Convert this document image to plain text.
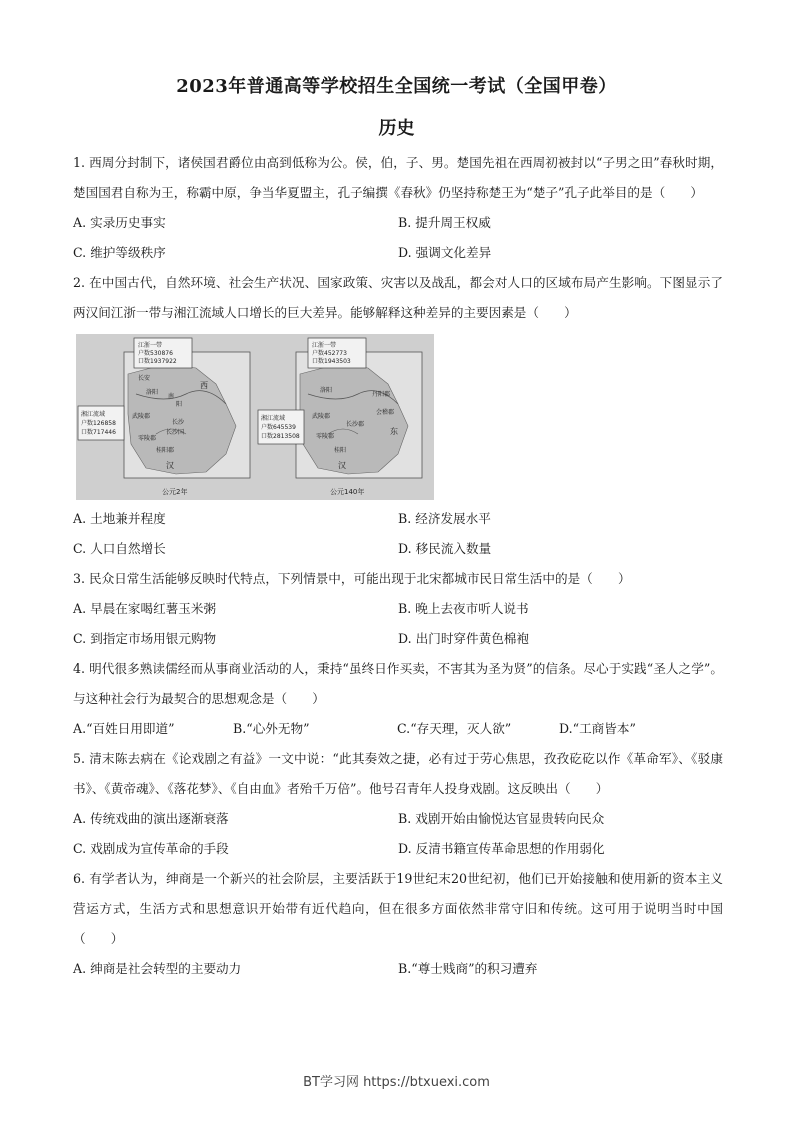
2023年普通高等学校招生全国统一考试（全国甲卷）
历史

1. 西周分封制下，诸侯国君爵位由高到低称为公。侯，伯，子、男。楚国先祖在西周初被封以“子男之田”春秋时期，楚国国君自称为王，称霸中原，争当华夏盟主，孔子编撰《春秋》仍坚持称楚王为“楚子”孔子此举目的是（　　）

A. 实录历史事实	B. 提升周王权威
C. 维护等级秩序	D. 强调文化差异

2. 在中国古代，自然环境、社会生产状况、国家政策、灾害以及战乱，都会对人口的区域布局产生影响。下图显示了两汉间江浙一带与湘江流域人口增长的巨大差异。能够解释这种差异的主要因素是（　　）

江浙一带
户数530876
口数1937922
湘江流域
户数126858
口数717446
长安
洛阳
南
阳
长沙
西
武陵郡
长沙国
零陵郡
桂阳郡
汉
公元2年
江浙一带
户数452773
口数1943503
湘江流域
户数645539
口数2813508
洛阳
丹阳郡
武陵郡
长沙郡
零陵郡
桂阳
汉
会稽郡
东
公元140年
A. 土地兼并程度	B. 经济发展水平
C. 人口自然增长	D. 移民流入数量

3. 民众日常生活能够反映时代特点，下列情景中，可能出现于北宋都城市民日常生活中的是（　　）

A. 早晨在家喝红薯玉米粥	B. 晚上去夜市听人说书
C. 到指定市场用银元购物	D. 出门时穿件黄色棉袍

4. 明代很多熟读儒经而从事商业活动的人，秉持“虽终日作买卖，不害其为圣为贤”的信条。尽心于实践“圣人之学”。与这种社会行为最契合的思想观念是（　　）

A.“百姓日用即道”	B.“心外无物”	C.“存天理，灭人欲”	D.“工商皆本”

5. 清末陈去病在《论戏剧之有益》一文中说：“此其奏效之捷，必有过于劳心焦思，孜孜矻矻以作《革命军》、《驳康书》、《黄帝魂》、《落花梦》、《自由血》者殆千万倍”。他号召青年人投身戏剧。这反映出（　　）

A. 传统戏曲的演出逐渐衰落	B. 戏剧开始由愉悦达官显贵转向民众
C. 戏剧成为宣传革命的手段	D. 反清书籍宣传革命思想的作用弱化

6. 有学者认为，绅商是一个新兴的社会阶层，主要活跃于19世纪末20世纪初，他们已开始接触和使用新的资本主义营运方式，生活方式和思想意识开始带有近代趋向，但在很多方面依然非常守旧和传统。这可用于说明当时中国（　　）

A. 绅商是社会转型的主要动力	B.“尊士贱商”的积习遭弃
BT学习网 https://btxuexi.com
